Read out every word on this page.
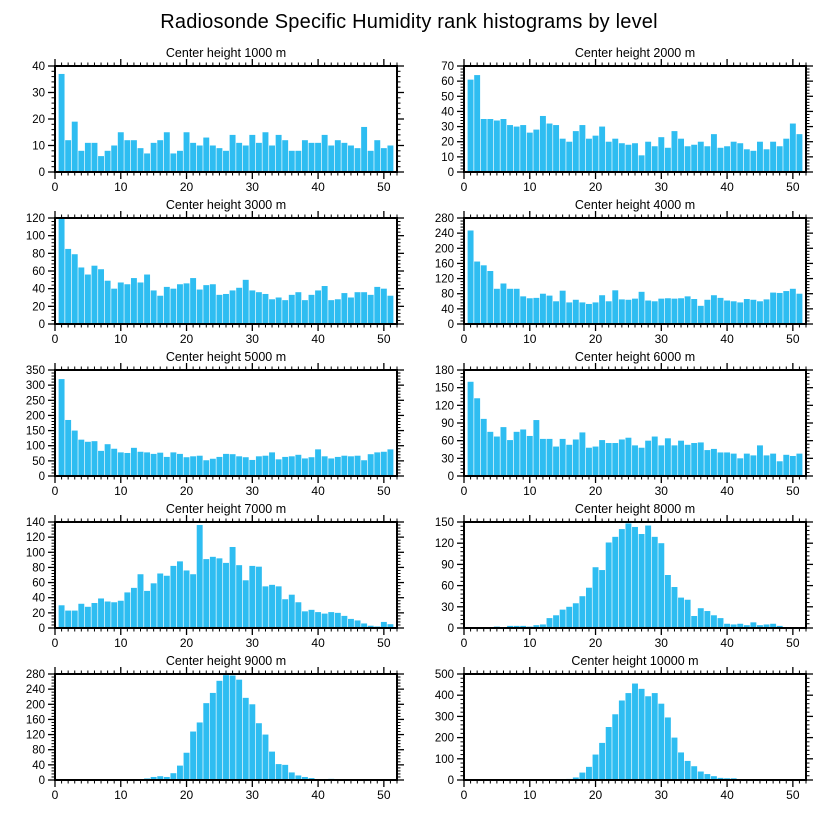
Radiosonde Specific Humidity rank histograms by level
Center height 1000 m
0	10	20	30	40	50
0
10
20
30
40
Center height 2000 m
0	10	20	30	40	50
0
10
20
30
40
50
60
70
Center height 3000 m
0	10	20	30	40	50
0
20
40
60
80
100
120
Center height 4000 m
0	10	20	30	40	50
0
40
80
120
160
200
240
280
Center height 5000 m
0	10	20	30	40	50
0
50
100
150
200
250
300
350
Center height 6000 m
0	10	20	30	40	50
0
30
60
90
120
150
180
Center height 7000 m
0	10	20	30	40	50
0
20
40
60
80
100
120
140
Center height 8000 m
0	10	20	30	40	50
0
30
60
90
120
150
Center height 9000 m
0	10	20	30	40	50
0
40
80
120
160
200
240
280
Center height 10000 m
0	10	20	30	40	50
0
100
200
300
400
500
